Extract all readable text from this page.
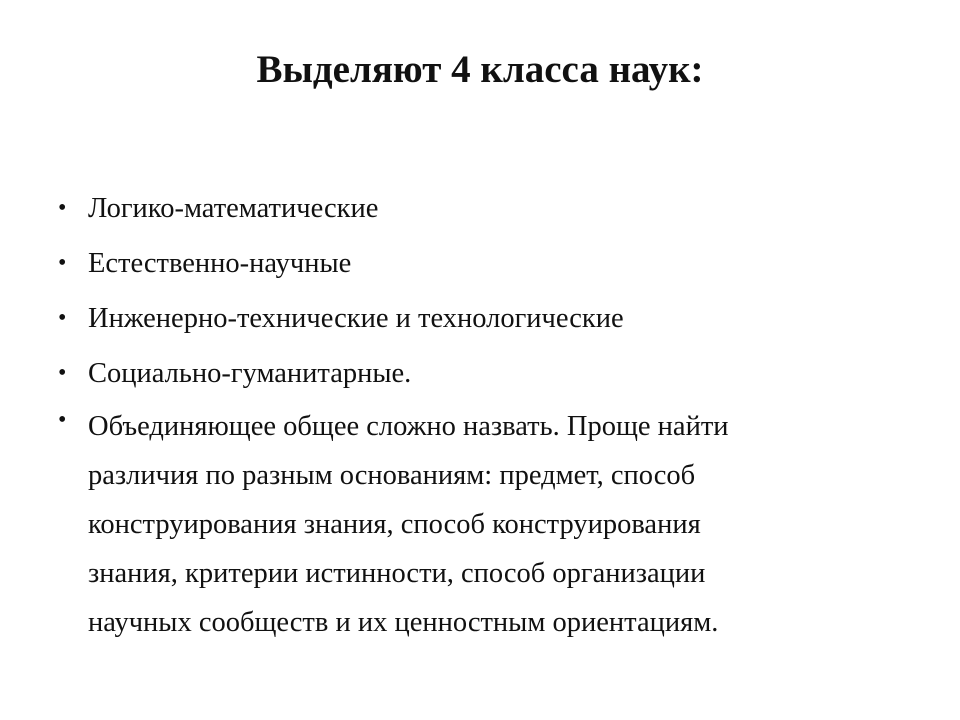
Выделяют 4 класса наук:
• Логико-математические
• Естественно-научные
• Инженерно-технические и технологические
• Социально-гуманитарные.
• Объединяющее общее сложно назвать. Проще найти
различия по разным основаниям: предмет, способ
конструирования знания, способ конструирования
знания, критерии истинности, способ организации
научных сообществ и их ценностным ориентациям.
